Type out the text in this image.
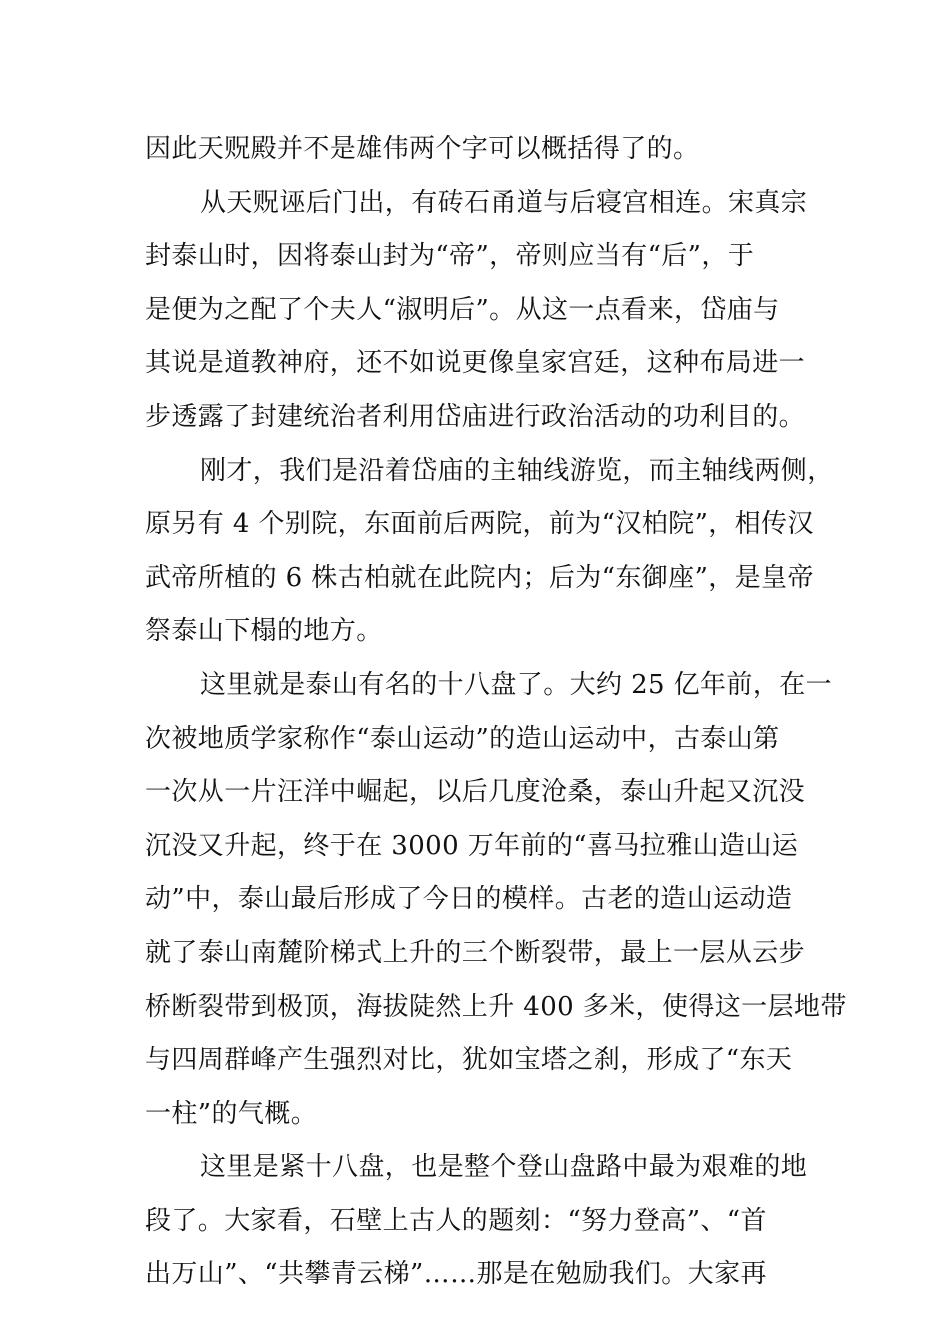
因此天贶殿并不是雄伟两个字可以概括得了的。
从天贶诬后门出，有砖石甬道与后寝宫相连。宋真宗
封泰山时，因将泰山封为“帝”，帝则应当有“后”，于
是便为之配了个夫人“淑明后”。从这一点看来，岱庙与
其说是道教神府，还不如说更像皇家宫廷，这种布局进一
步透露了封建统治者利用岱庙进行政治活动的功利目的。
刚才，我们是沿着岱庙的主轴线游览，而主轴线两侧，
原另有 4 个别院，东面前后两院，前为“汉柏院”，相传汉
武帝所植的 6 株古柏就在此院内；后为“东御座”，是皇帝
祭泰山下榻的地方。
这里就是泰山有名的十八盘了。大约 25 亿年前，在一
次被地质学家称作“泰山运动”的造山运动中，古泰山第
一次从一片汪洋中崛起，以后几度沧桑，泰山升起又沉没
沉没又升起，终于在 3000 万年前的“喜马拉雅山造山运
动”中，泰山最后形成了今日的模样。古老的造山运动造
就了泰山南麓阶梯式上升的三个断裂带，最上一层从云步
桥断裂带到极顶，海拔陡然上升 400 多米，使得这一层地带
与四周群峰产生强烈对比，犹如宝塔之刹，形成了“东天
一柱”的气概。
这里是紧十八盘，也是整个登山盘路中最为艰难的地
段了。大家看，石壁上古人的题刻：“努力登高”、“首
出万山”、“共攀青云梯”……那是在勉励我们。大家再
